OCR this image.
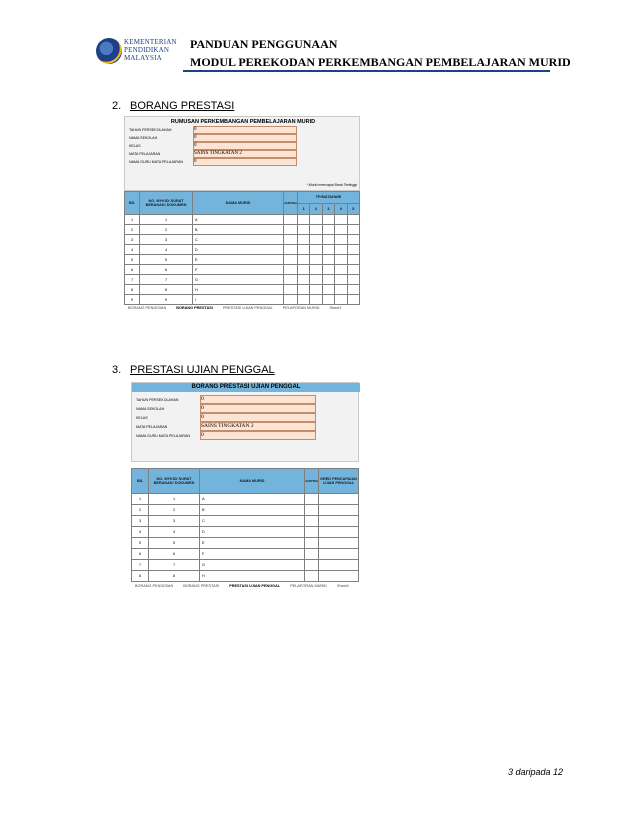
KEMENTERIAN
PENDIDIKAN
MALAYSIA
PANDUAN PENGGUNAAN
MODUL PEREKODAN PERKEMBANGAN PEMBELAJARAN MURID
2. BORANG PRESTASI
RUMUSAN PERKEMBANGAN PEMBELAJARAN MURID
TAHUN PERSEKOLAHAN	0
NAMA SEKOLAH	0
KELAS	0
MATA PELAJARAN	SAINS TINGKATAN 2
NAMA GURU MATA PELAJARAN 0
* Murid mencapai Band Tertinggi
BIL	NO. MYKID/ SURAT BERANAK/ DOKUMEN	NAMA MURID	JANTINA	TP/MATAHARI				
				1	2	3	4	5
1	1	A						
2	2	B						
3	3	C						
4	4	D						
5	5	E						
6	6	F						
7	7	G						
8	8	H						
9	9	I						
BORANG PENGISIAN	BORANG PRESTASI	PRESTASI UJIAN PENGGAL	PELAPORAN MURID	Sheet1
3. PRESTASI UJIAN PENGGAL
BORANG PRESTASI UJIAN PENGGAL
TAHUN PERSEKOLAHAN	0
NAMA SEKOLAH	0
KELAS	0
MATA PELAJARAN	SAINS TINGKATAN 2
NAMA GURU MATA PELAJARAN 0
BIL	NO. MYKID/ SURAT BERANAK/ DOKUMEN	NAMA MURID	JANTINA	GRED PENCAPAIAN UJIAN PENGGAL
1	1	A		
2	2	B		
3	3	C		
4	4	D		
5	5	E		
6	6	F		
7	7	G		
8	8	H		
BORANG PENGISIAN	BORANG PRESTASI	PRESTASI UJIAN PENGGAL	PELAPORAN MURID	Sheet1
3 daripada 12
